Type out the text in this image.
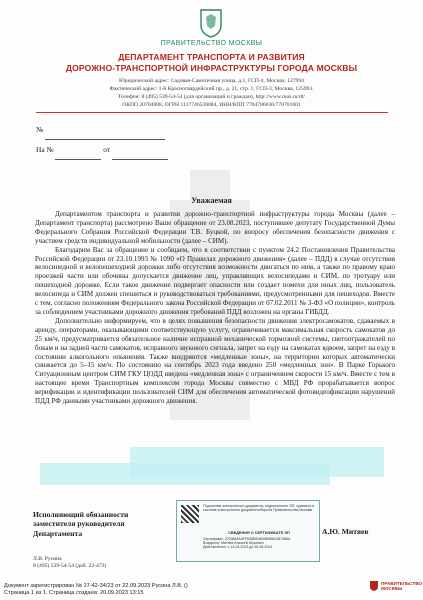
ПРАВИТЕЛЬСТВО МОСКВЫ
ДЕПАРТАМЕНТ ТРАНСПОРТА И РАЗВИТИЯ
ДОРОЖНО-ТРАНСПОРТНОЙ ИНФРАСТРУКТУРЫ ГОРОДА МОСКВЫ
Юридический адрес: Садовая-Самотечная улица, д.1, ГСП-4, Москва, 127994
Фактический адрес: 1-й Красногвардейский пр., д. 21, стр. 1, ГСП-3, Москва, 125993.
Телефон: 8 (495) 539-54-54 (для организаций и граждан), http://www.mos.ru/dt/
ОКПО 20704008, ОГРН 1117746538084, ИНН/КПП 7704786030/770701001
№
На №	от
Уважаемая

Департаментом транспорта и развития дорожно-транспортной инфраструктуры города Москвы (далее – Департамент транспорта) рассмотрено Ваше обращение от 23.08.2023, поступившее депутату Государственной Думы Федерального Собрания Российской Федерации Т.В. Буцкой, по вопросу обеспечения безопасности движения с участием средств индивидуальной мобильности (далее – СИМ).

Благодарим Вас за обращение и сообщаем, что в соответствии с пунктом 24.2 Постановления Правительства Российской Федерации от 23.10.1993 № 1090 «О Правилах дорожного движения» (далее – ПДД) в случае отсутствия велосипедной и велопешеходной дорожки либо отсутствия возможности двигаться по ним, а также по правому краю проезжей части или обочины допускается движение лиц, управляющих велосипедами и СИМ, по тротуару или пешеходной дорожке. Если такое движение подвергает опасности или создает помехи для иных лиц, пользователь велосипеда и СИМ должен спешиться и руководствоваться требованиями, предусмотренными для пешеходов. Вместе с тем, согласно положениям Федерального закона Российской Федерации от 07.02.2011 № 3-ФЗ «О полиции», контроль за соблюдением участниками дорожного движения требований ПДД возложен на органы ГИБДД.

Дополнительно информируем, что в целях повышения безопасности движения электросамокатов, сдаваемых в аренду, операторами, оказывающими соответствующую услугу, ограничивается максимальная скорость самокатов до 25 км/ч, предусматривается обязательное наличие исправной механической тормозной системы, светоотражателей по бокам и на задней части самокатов, исправного звукового сигнала, запрет на езду на самокатах вдвоем, запрет на езду в состоянии алкогольного опьянения. Также внедряются «медленные зоны», на территории которых автоматически снижается до 5–15 км/ч. По состоянию на сентябрь 2023 года введено 250 «медленных зон». В Парке Горького Ситуационным центром СИМ ГКУ ЦОДД введена «медленная зона» с ограничением скорости 15 км/ч. Вместе с тем в настоящее время Транспортным комплексом города Москвы совместно с МВД РФ прорабатывается вопрос верификации и идентификации пользователей СИМ для обеспечения автоматической фотовидеофиксации нарушений ПДД РФ данными участниками дорожного движения.

Исполняющий обязанности
заместителя руководителя
Департамента
Подлинник электронного документа, подписанного ЭП, хранится в системе электронного документооборота Правительства Москвы
СВЕДЕНИЯ О СЕРТИФИКАТЕ ЭП
Сертификат: 2700684A4FF848E82AB3B986C087486A
Владелец: Митяев Алексей Юрьевич
Действителен: с 14-03-2023 до 06-06-2024
А.Ю. Митяев
Л.В. Русина
8 (495) 539-54-54 (доб. 22-473)
Документ зарегистрирован № 17-42-34/23 от 22.09.2023 Русина Л.В. ()
Страница 1 из 1. Страница создана: 20.09.2023 13:15
ПРАВИТЕЛЬСТВО
МОСКВЫ
